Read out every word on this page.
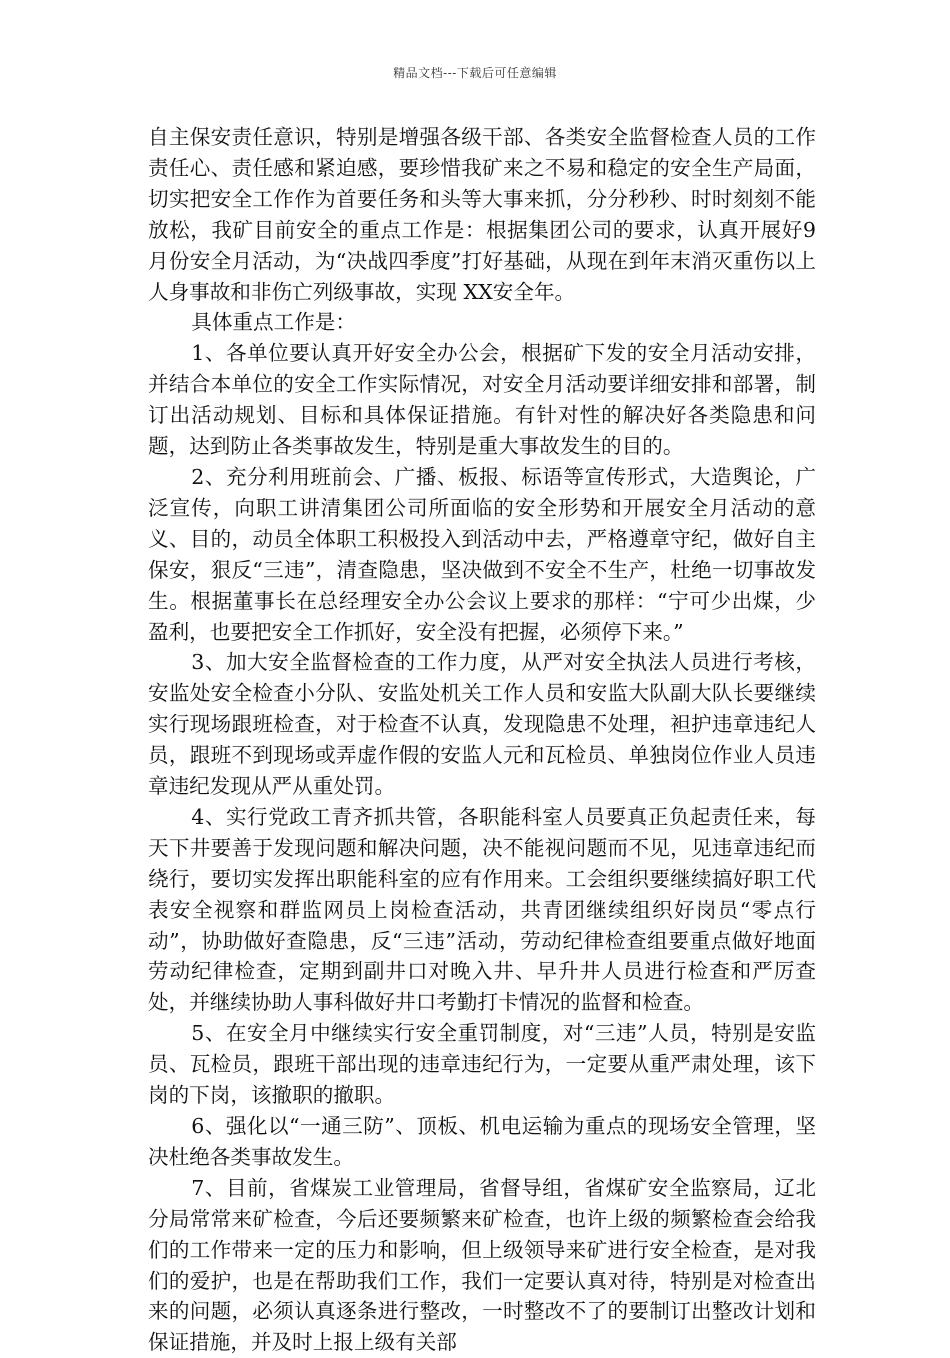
精品文档---下载后可任意编辑

自主保安责任意识，特别是增强各级干部、各类安全监督检查人员的工作责任心、责任感和紧迫感，要珍惜我矿来之不易和稳定的安全生产局面，切实把安全工作作为首要任务和头等大事来抓，分分秒秒、时时刻刻不能放松，我矿目前安全的重点工作是：根据集团公司的要求，认真开展好9月份安全月活动，为“决战四季度”打好基础，从现在到年末消灭重伤以上人身事故和非伤亡列级事故，实现 XX安全年。

具体重点工作是：

1、各单位要认真开好安全办公会，根据矿下发的安全月活动安排，并结合本单位的安全工作实际情况，对安全月活动要详细安排和部署，制订出活动规划、目标和具体保证措施。有针对性的解决好各类隐患和问题，达到防止各类事故发生，特别是重大事故发生的目的。

2、充分利用班前会、广播、板报、标语等宣传形式，大造舆论，广泛宣传，向职工讲清集团公司所面临的安全形势和开展安全月活动的意义、目的，动员全体职工积极投入到活动中去，严格遵章守纪，做好自主保安，狠反“三违”，清查隐患，坚决做到不安全不生产，杜绝一切事故发生。根据董事长在总经理安全办公会议上要求的那样：“宁可少出煤，少盈利，也要把安全工作抓好，安全没有把握，必须停下来。”

3、加大安全监督检查的工作力度，从严对安全执法人员进行考核，安监处安全检查小分队、安监处机关工作人员和安监大队副大队长要继续实行现场跟班检查，对于检查不认真，发现隐患不处理，袒护违章违纪人员，跟班不到现场或弄虚作假的安监人元和瓦检员、单独岗位作业人员违章违纪发现从严从重处罚。

4、实行党政工青齐抓共管，各职能科室人员要真正负起责任来，每天下井要善于发现问题和解决问题，决不能视问题而不见，见违章违纪而绕行，要切实发挥出职能科室的应有作用来。工会组织要继续搞好职工代表安全视察和群监网员上岗检查活动，共青团继续组织好岗员“零点行动”，协助做好查隐患，反“三违”活动，劳动纪律检查组要重点做好地面劳动纪律检查，定期到副井口对晚入井、早升井人员进行检查和严厉查处，并继续协助人事科做好井口考勤打卡情况的监督和检查。

5、在安全月中继续实行安全重罚制度，对“三违”人员，特别是安监员、瓦检员，跟班干部出现的违章违纪行为，一定要从重严肃处理，该下岗的下岗，该撤职的撤职。

6、强化以“一通三防”、顶板、机电运输为重点的现场安全管理，坚决杜绝各类事故发生。

7、目前，省煤炭工业管理局，省督导组，省煤矿安全监察局，辽北分局常常来矿检查，今后还要频繁来矿检查，也许上级的频繁检查会给我们的工作带来一定的压力和影响，但上级领导来矿进行安全检查，是对我们的爱护，也是在帮助我们工作，我们一定要认真对待，特别是对检查出来的问题，必须认真逐条进行整改，一时整改不了的要制订出整改计划和保证措施，并及时上报上级有关部
